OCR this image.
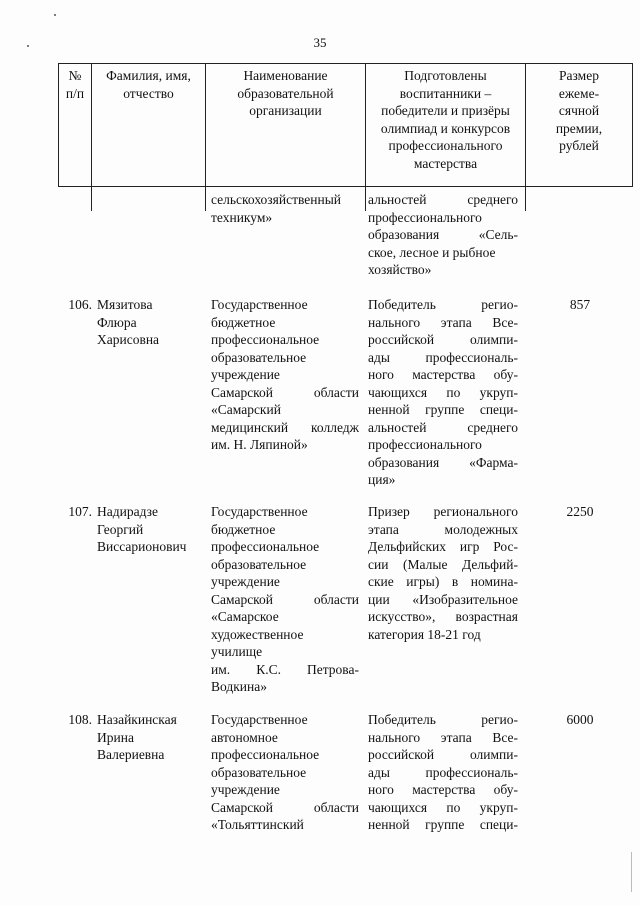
35
№
п/п
Фамилия, имя,
отчество
Наименование
образовательной
организации
Подготовлены
воспитанники –
победители и призёры
олимпиад и конкурсов
профессионального
мастерства
Размер
ежеме-
сячной
премии,
рублей
сельскохозяйственный
техникум»
альностей среднего
профессионального
образования «Сель-
ское, лесное и рыбное
хозяйство»
106. Мязитова
Флюра
Харисовна
Государственное
бюджетное
профессиональное
образовательное
учреждение
Самарской области
«Самарский
медицинский колледж
им. Н. Ляпиной»
Победитель регио-
нального этапа Все-
российской олимпи-
ады профессиональ-
ного мастерства обу-
чающихся по укруп-
ненной группе специ-
альностей среднего
профессионального
образования «Фарма-
ция»
857
107. Надирадзе
Георгий
Виссарионович
Государственное
бюджетное
профессиональное
образовательное
учреждение
Самарской области
«Самарское
художественное
училище
им. К.С. Петрова-
Водкина»
Призер регионального
этапа молодежных
Дельфийских игр Рос-
сии (Малые Дельфий-
ские игры) в номина-
ции «Изобразительное
искусство», возрастная
категория 18-21 год
2250
108. Назайкинская
Ирина
Валериевна
Государственное
автономное
профессиональное
образовательное
учреждение
Самарской области
«Тольяттинский
Победитель регио-
нального этапа Все-
российской олимпи-
ады профессиональ-
ного мастерства обу-
чающихся по укруп-
ненной группе специ-
6000
